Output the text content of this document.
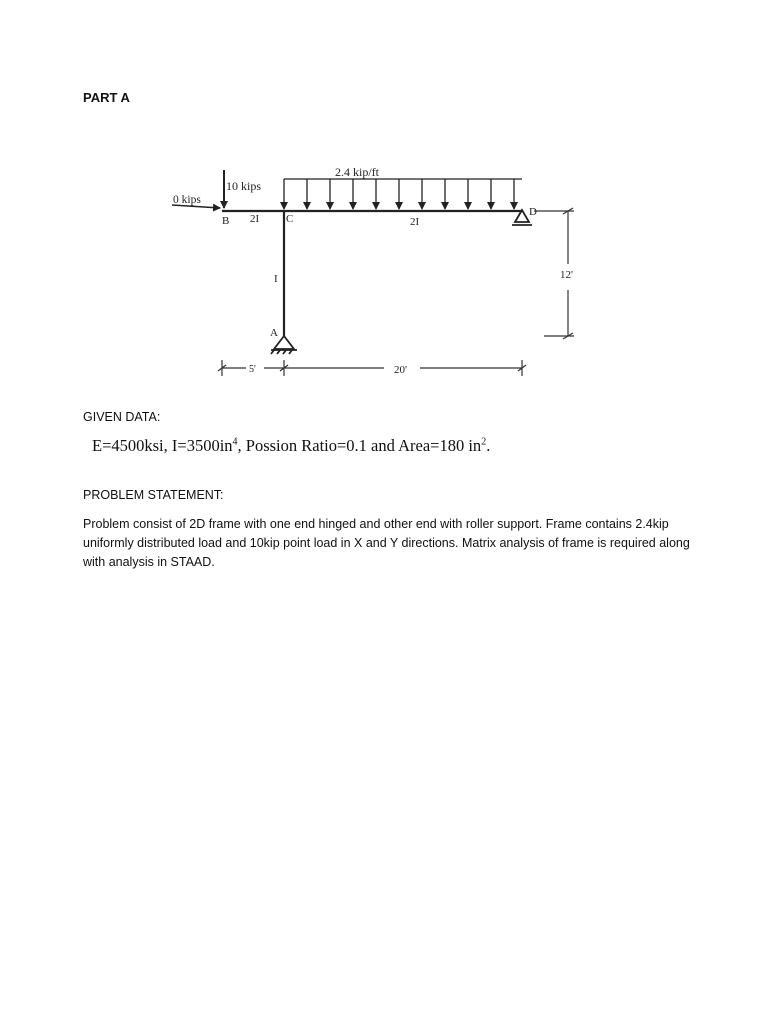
PART A
2.4 kip/ft
10 kips
0 kips
B 2I C	2I
D
I
A
12'
5'	20'
GIVEN DATA:
E=4500ksi, $I=3500in^4$, Possion Ratio=0.1 and Area=180 $in^2$.
PROBLEM STATEMENT:
Problem consist of 2D frame with one end hinged and other end with roller support. Frame contains 2.4kip uniformly distributed load and 10kip point load in X and Y directions. Matrix analysis of frame is required along with analysis in STAAD.
